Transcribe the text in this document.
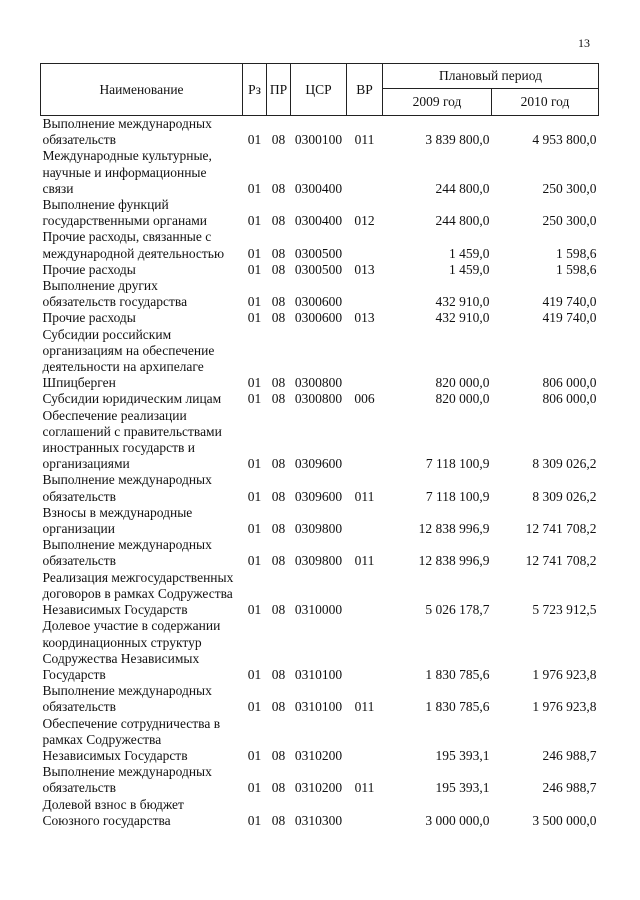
13
Наименование	Рз	ПР	ЦСР	ВР	Плановый период	
					2009 год	2010 год
Выполнение международных
обязательств	01	08	0300100	011	3 839 800,0	4 953 800,0
Международные культурные,
научные и информационные
связи	01	08	0300400		244 800,0	250 300,0
Выполнение функций
государственными органами	01	08	0300400	012	244 800,0	250 300,0
Прочие расходы, связанные с
международной деятельностью	01	08	0300500		1 459,0	1 598,6
Прочие расходы	01	08	0300500	013	1 459,0	1 598,6
Выполнение других
обязательств государства	01	08	0300600		432 910,0	419 740,0
Прочие расходы	01	08	0300600	013	432 910,0	419 740,0
Субсидии российским
организациям на обеспечение
деятельности на архипелаге
Шпицберген	01	08	0300800		820 000,0	806 000,0
Субсидии юридическим лицам	01	08	0300800	006	820 000,0	806 000,0
Обеспечение реализации
соглашений с правительствами
иностранных государств и
организациями	01	08	0309600		7 118 100,9	8 309 026,2
Выполнение международных
обязательств	01	08	0309600	011	7 118 100,9	8 309 026,2
Взносы в международные
организации	01	08	0309800		12 838 996,9	12 741 708,2
Выполнение международных
обязательств	01	08	0309800	011	12 838 996,9	12 741 708,2
Реализация межгосударственных
договоров в рамках Содружества
Независимых Государств	01	08	0310000		5 026 178,7	5 723 912,5
Долевое участие в содержании
координационных структур
Содружества Независимых
Государств	01	08	0310100		1 830 785,6	1 976 923,8
Выполнение международных
обязательств	01	08	0310100	011	1 830 785,6	1 976 923,8
Обеспечение сотрудничества в
рамках Содружества
Независимых Государств	01	08	0310200		195 393,1	246 988,7
Выполнение международных
обязательств	01	08	0310200	011	195 393,1	246 988,7
Долевой взнос в бюджет
Союзного государства	01	08	0310300		3 000 000,0	3 500 000,0
